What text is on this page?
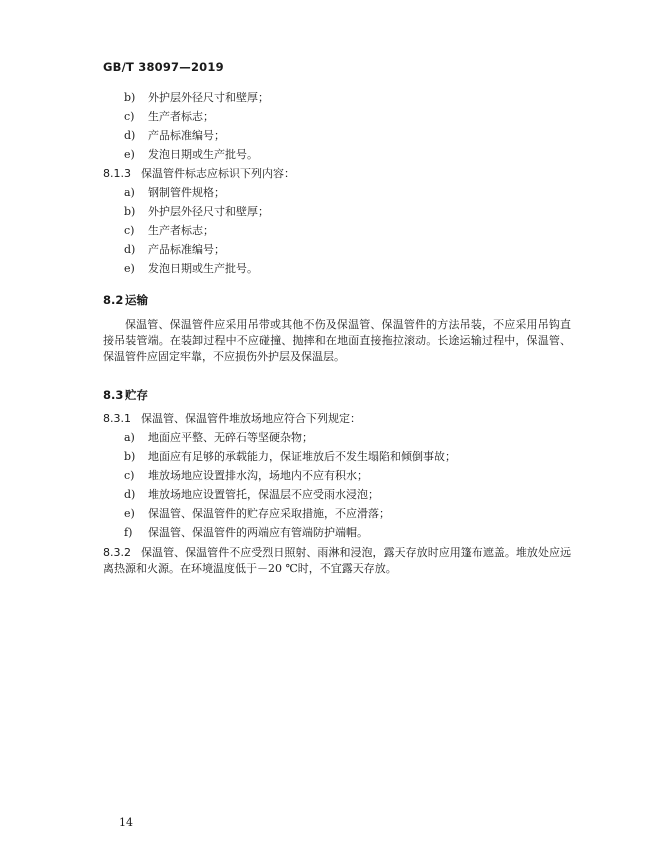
GB/T 38097—2019
b) 外护层外径尺寸和壁厚；
c) 生产者标志；
d) 产品标准编号；
e) 发泡日期或生产批号。
8.1.3 保温管件标志应标识下列内容：
a) 钢制管件规格；
b) 外护层外径尺寸和壁厚；
c) 生产者标志；
d) 产品标准编号；
e) 发泡日期或生产批号。
8.2 运输
保温管、保温管件应采用吊带或其他不伤及保温管、保温管件的方法吊装，不应采用吊钩直接吊装管端。在装卸过程中不应碰撞、抛摔和在地面直接拖拉滚动。长途运输过程中，保温管、保温管件应固定牢靠，不应损伤外护层及保温层。
8.3 贮存
8.3.1 保温管、保温管件堆放场地应符合下列规定：
a) 地面应平整、无碎石等坚硬杂物；
b) 地面应有足够的承载能力，保证堆放后不发生塌陷和倾倒事故；
c) 堆放场地应设置排水沟，场地内不应有积水；
d) 堆放场地应设置管托，保温层不应受雨水浸泡；
e) 保温管、保温管件的贮存应采取措施，不应滑落；
f) 保温管、保温管件的两端应有管端防护端帽。
8.3.2 保温管、保温管件不应受烈日照射、雨淋和浸泡，露天存放时应用篷布遮盖。堆放处应远离热源和火源。在环境温度低于－20 ℃时，不宜露天存放。
14
